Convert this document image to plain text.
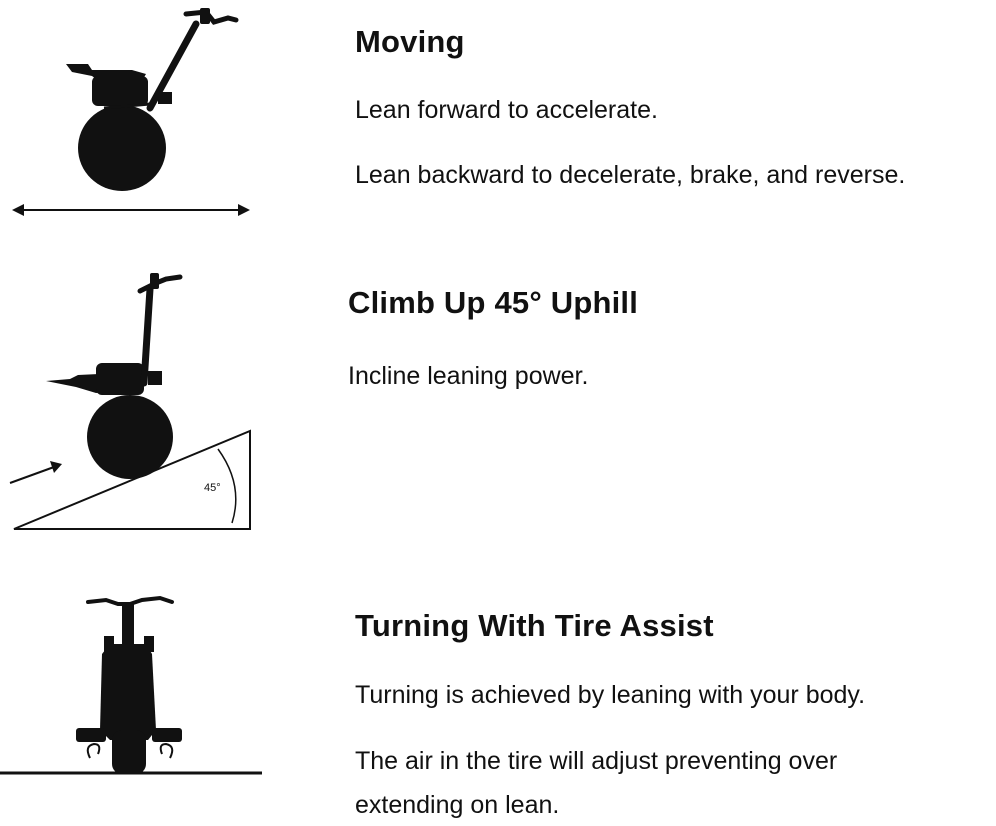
Moving

Lean forward to accelerate.

Lean backward to decelerate, brake, and reverse.

45°

Climb Up 45° Uphill

Incline leaning power.

Turning With Tire Assist

Turning is achieved by leaning with your body.

The air in the tire will adjust preventing over

extending on lean.
